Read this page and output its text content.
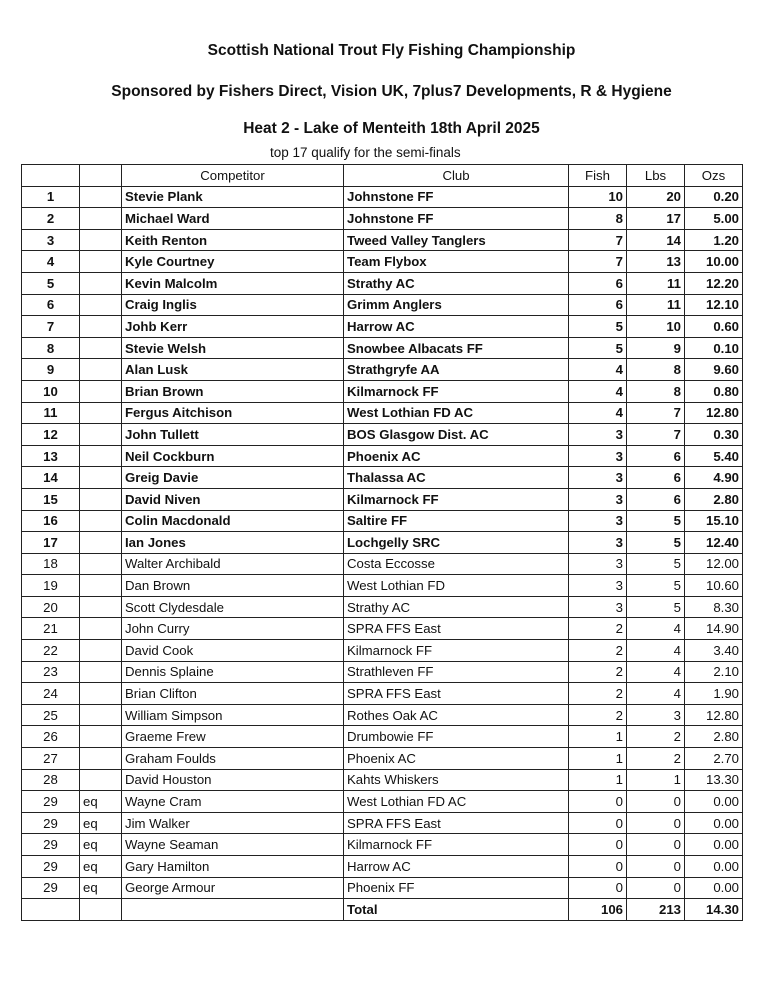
Scottish National Trout Fly Fishing Championship
Sponsored by Fishers Direct, Vision UK, 7plus7 Developments, R & Hygiene
Heat 2 - Lake of Menteith 18th April 2025
top 17 qualify for the semi-finals
		Competitor	Club	Fish	Lbs	Ozs
1		Stevie Plank	Johnstone FF	10	20	0.20
2		Michael Ward	Johnstone FF	8	17	5.00
3		Keith Renton	Tweed Valley Tanglers	7	14	1.20
4		Kyle Courtney	Team Flybox	7	13	10.00
5		Kevin Malcolm	Strathy AC	6	11	12.20
6		Craig Inglis	Grimm Anglers	6	11	12.10
7		Johb Kerr	Harrow AC	5	10	0.60
8		Stevie Welsh	Snowbee Albacats FF	5	9	0.10
9		Alan Lusk	Strathgryfe AA	4	8	9.60
10		Brian Brown	Kilmarnock FF	4	8	0.80
11		Fergus Aitchison	West Lothian FD AC	4	7	12.80
12		John Tullett	BOS Glasgow Dist. AC	3	7	0.30
13		Neil Cockburn	Phoenix AC	3	6	5.40
14		Greig Davie	Thalassa AC	3	6	4.90
15		David Niven	Kilmarnock FF	3	6	2.80
16		Colin Macdonald	Saltire FF	3	5	15.10
17		Ian Jones	Lochgelly SRC	3	5	12.40
18		Walter Archibald	Costa Eccosse	3	5	12.00
19		Dan Brown	West Lothian FD	3	5	10.60
20		Scott Clydesdale	Strathy AC	3	5	8.30
21		John Curry	SPRA FFS East	2	4	14.90
22		David Cook	Kilmarnock FF	2	4	3.40
23		Dennis Splaine	Strathleven FF	2	4	2.10
24		Brian Clifton	SPRA FFS East	2	4	1.90
25		William Simpson	Rothes Oak AC	2	3	12.80
26		Graeme Frew	Drumbowie FF	1	2	2.80
27		Graham Foulds	Phoenix AC	1	2	2.70
28		David Houston	Kahts Whiskers	1	1	13.30
29	eq	Wayne Cram	West Lothian FD AC	0	0	0.00
29	eq	Jim Walker	SPRA FFS East	0	0	0.00
29	eq	Wayne Seaman	Kilmarnock FF	0	0	0.00
29	eq	Gary Hamilton	Harrow AC	0	0	0.00
29	eq	George Armour	Phoenix FF	0	0	0.00
			Total	106	213	14.30
